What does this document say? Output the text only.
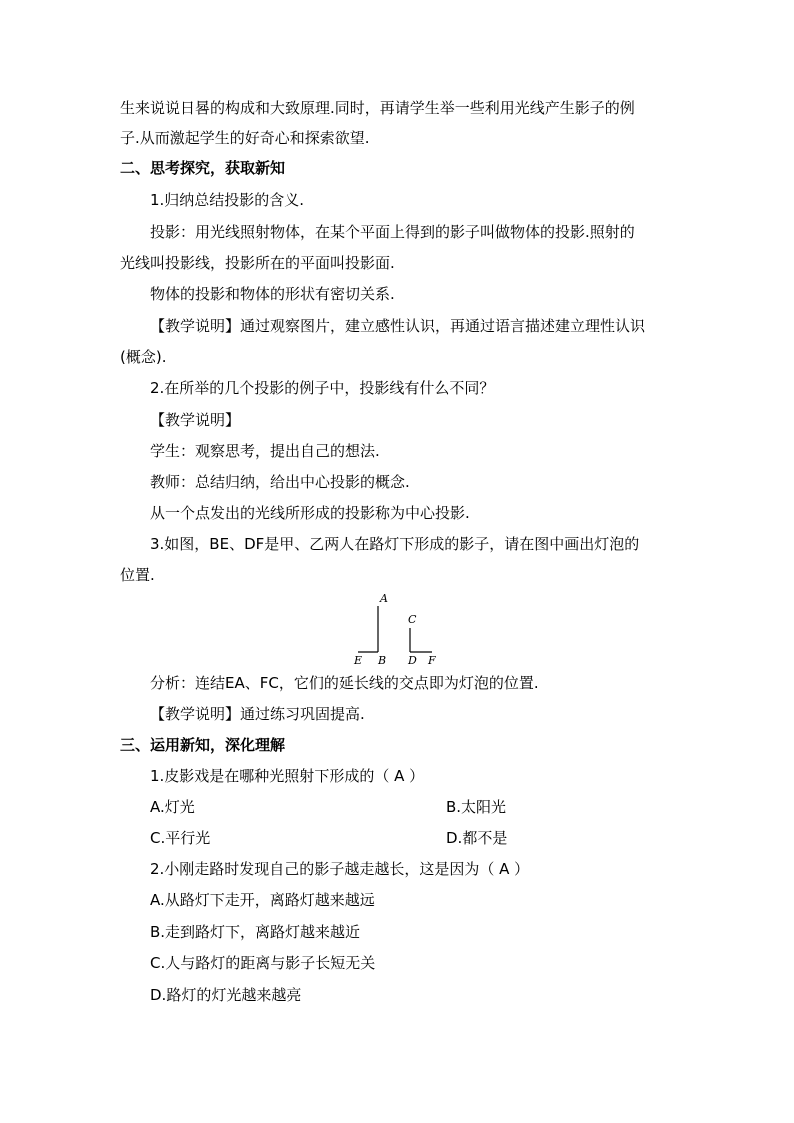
生来说说日晷的构成和大致原理.同时，再请学生举一些利用光线产生影子的例
子.从而激起学生的好奇心和探索欲望.
二、思考探究，获取新知
1.归纳总结投影的含义.
投影：用光线照射物体，在某个平面上得到的影子叫做物体的投影.照射的
光线叫投影线，投影所在的平面叫投影面.
物体的投影和物体的形状有密切关系.
【教学说明】通过观察图片，建立感性认识，再通过语言描述建立理性认识
(概念).
2.在所举的几个投影的例子中，投影线有什么不同？
【教学说明】
学生：观察思考，提出自己的想法.
教师：总结归纳，给出中心投影的概念.
从一个点发出的光线所形成的投影称为中心投影.
3.如图，BE、DF是甲、乙两人在路灯下形成的影子，请在图中画出灯泡的
位置.
A
C
E B D F
分析：连结EA、FC，它们的延长线的交点即为灯泡的位置.
【教学说明】通过练习巩固提高.
三、运用新知，深化理解
1.皮影戏是在哪种光照射下形成的（ A ）
A.灯光	B.太阳光
C.平行光	D.都不是
2.小刚走路时发现自己的影子越走越长，这是因为（ A ）
A.从路灯下走开，离路灯越来越远
B.走到路灯下，离路灯越来越近
C.人与路灯的距离与影子长短无关
D.路灯的灯光越来越亮
